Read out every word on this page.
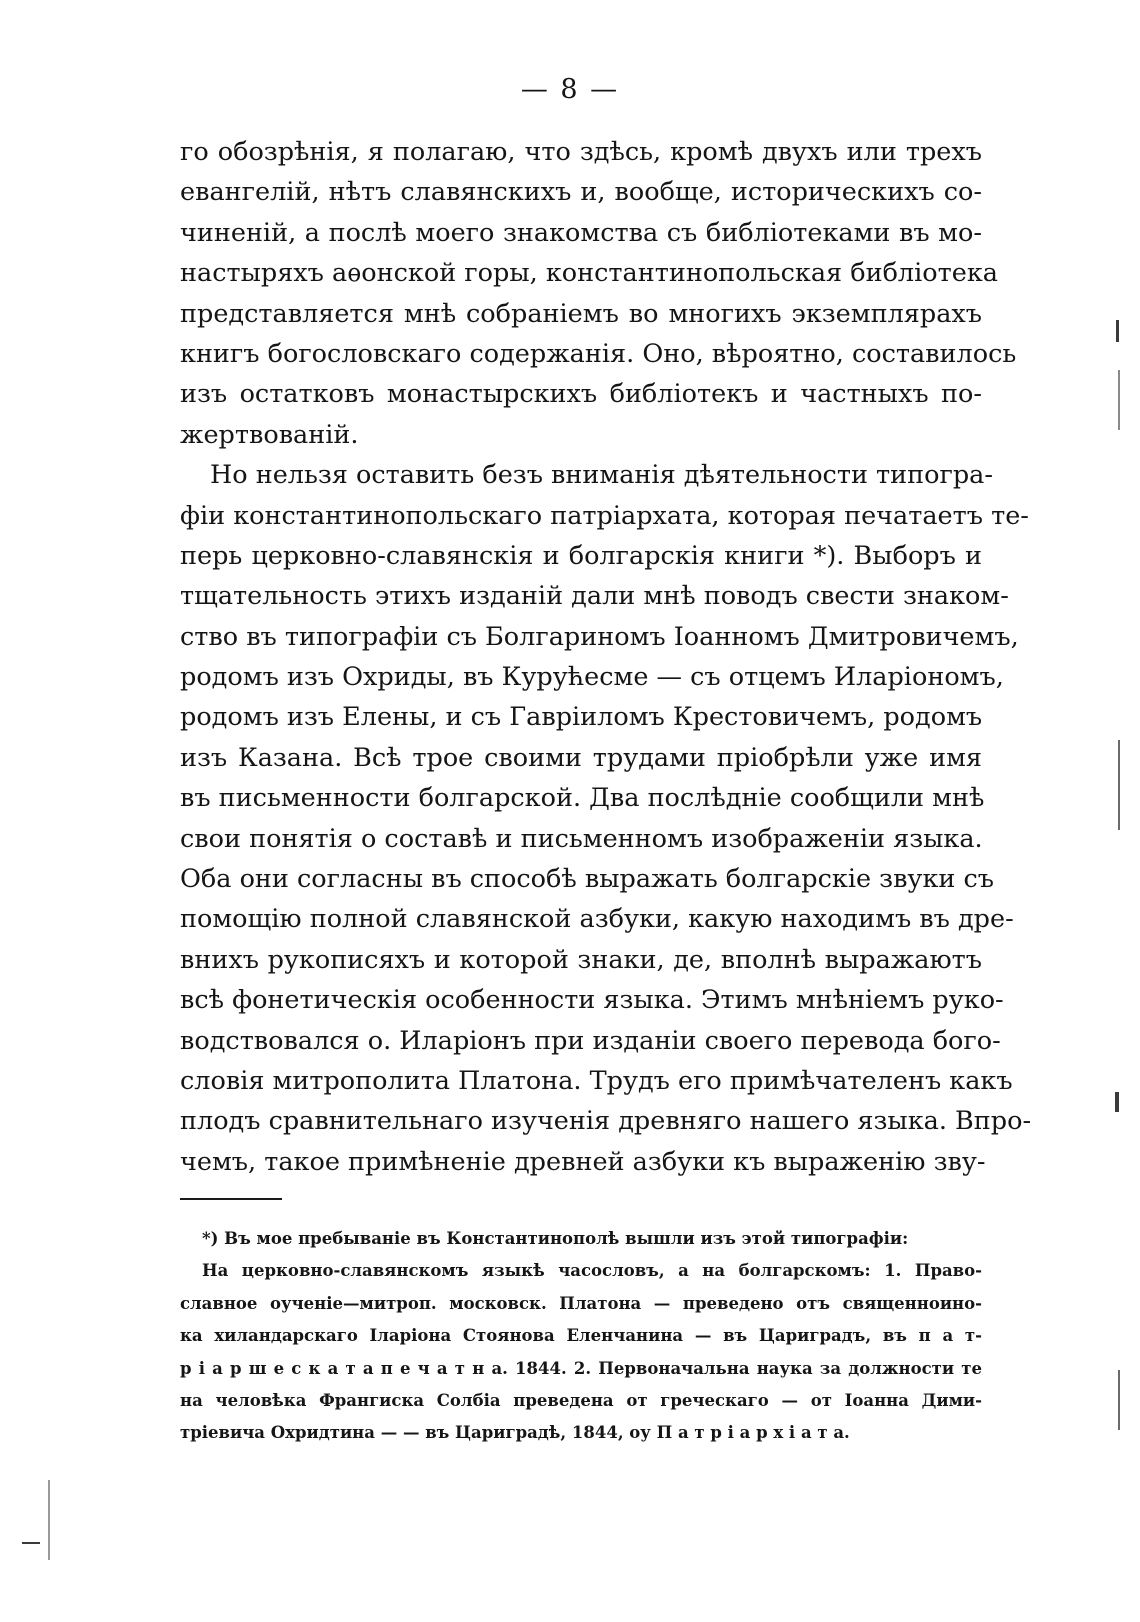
— 8 —
го обозрѣнія, я полагаю, что здѣсь, кромѣ двухъ или трехъ
евангелій, нѣтъ славянскихъ и, вообще, историческихъ со-
чиненій, а послѣ моего знакомства съ библіотеками въ мо-
настыряхъ аѳонской горы, константинопольская библіотека
представляется мнѣ собраніемъ во многихъ экземплярахъ
книгъ богословскаго содержанія. Оно, вѣроятно, составилось
изъ остатковъ монастырскихъ библіотекъ и частныхъ по-
жертвованій.
Но нельзя оставить безъ вниманія дѣятельности типогра-
фіи константинопольскаго патріархата, которая печатаетъ те-
перь церковно-славянскія и болгарскія книги *). Выборъ и
тщательность этихъ изданій дали мнѣ поводъ свести знаком-
ство въ типографіи съ Болгариномъ Іоанномъ Дмитровичемъ,
родомъ изъ Охриды, въ Курућесме — съ отцемъ Иларіономъ,
родомъ изъ Елены, и съ Гавріиломъ Крестовичемъ, родомъ
изъ Казана. Всѣ трое своими трудами пріобрѣли уже имя
въ письменности болгарской. Два послѣдніе сообщили мнѣ
свои понятія о составѣ и письменномъ изображеніи языка.
Оба они согласны въ способѣ выражать болгарскіе звуки съ
помощію полной славянской азбуки, какую находимъ въ дре-
внихъ рукописяхъ и которой знаки, де, вполнѣ выражаютъ
всѣ фонетическія особенности языка. Этимъ мнѣніемъ руко-
водствовался о. Иларіонъ при изданіи своего перевода бого-
словія митрополита Платона. Трудъ его примѣчателенъ какъ
плодъ сравнительнаго изученія древняго нашего языка. Впро-
чемъ, такое примѣненіе древней азбуки къ выраженію зву-
*) Въ мое пребываніе въ Константинополѣ вышли изъ этой типографіи:
На церковно-славянскомъ языкѣ часословъ, а на болгарскомъ: 1. Право-
славное оученіе—митроп. московск. Платона — преведено отъ священноино-
ка хиландарскаго Іларіона Стоянова Еленчанина — въ Цариградъ, въ п а т-
р і а р ш е с к а т а п е ч а т н а. 1844. 2. Первоначальна наука за должности те
на человѣка Франгиска Солбіа преведена от греческаго — от Іоанна Дими-
тріевича Охридтина — — въ Цариградѣ, 1844, оу П а т р і а р х і а т а.
